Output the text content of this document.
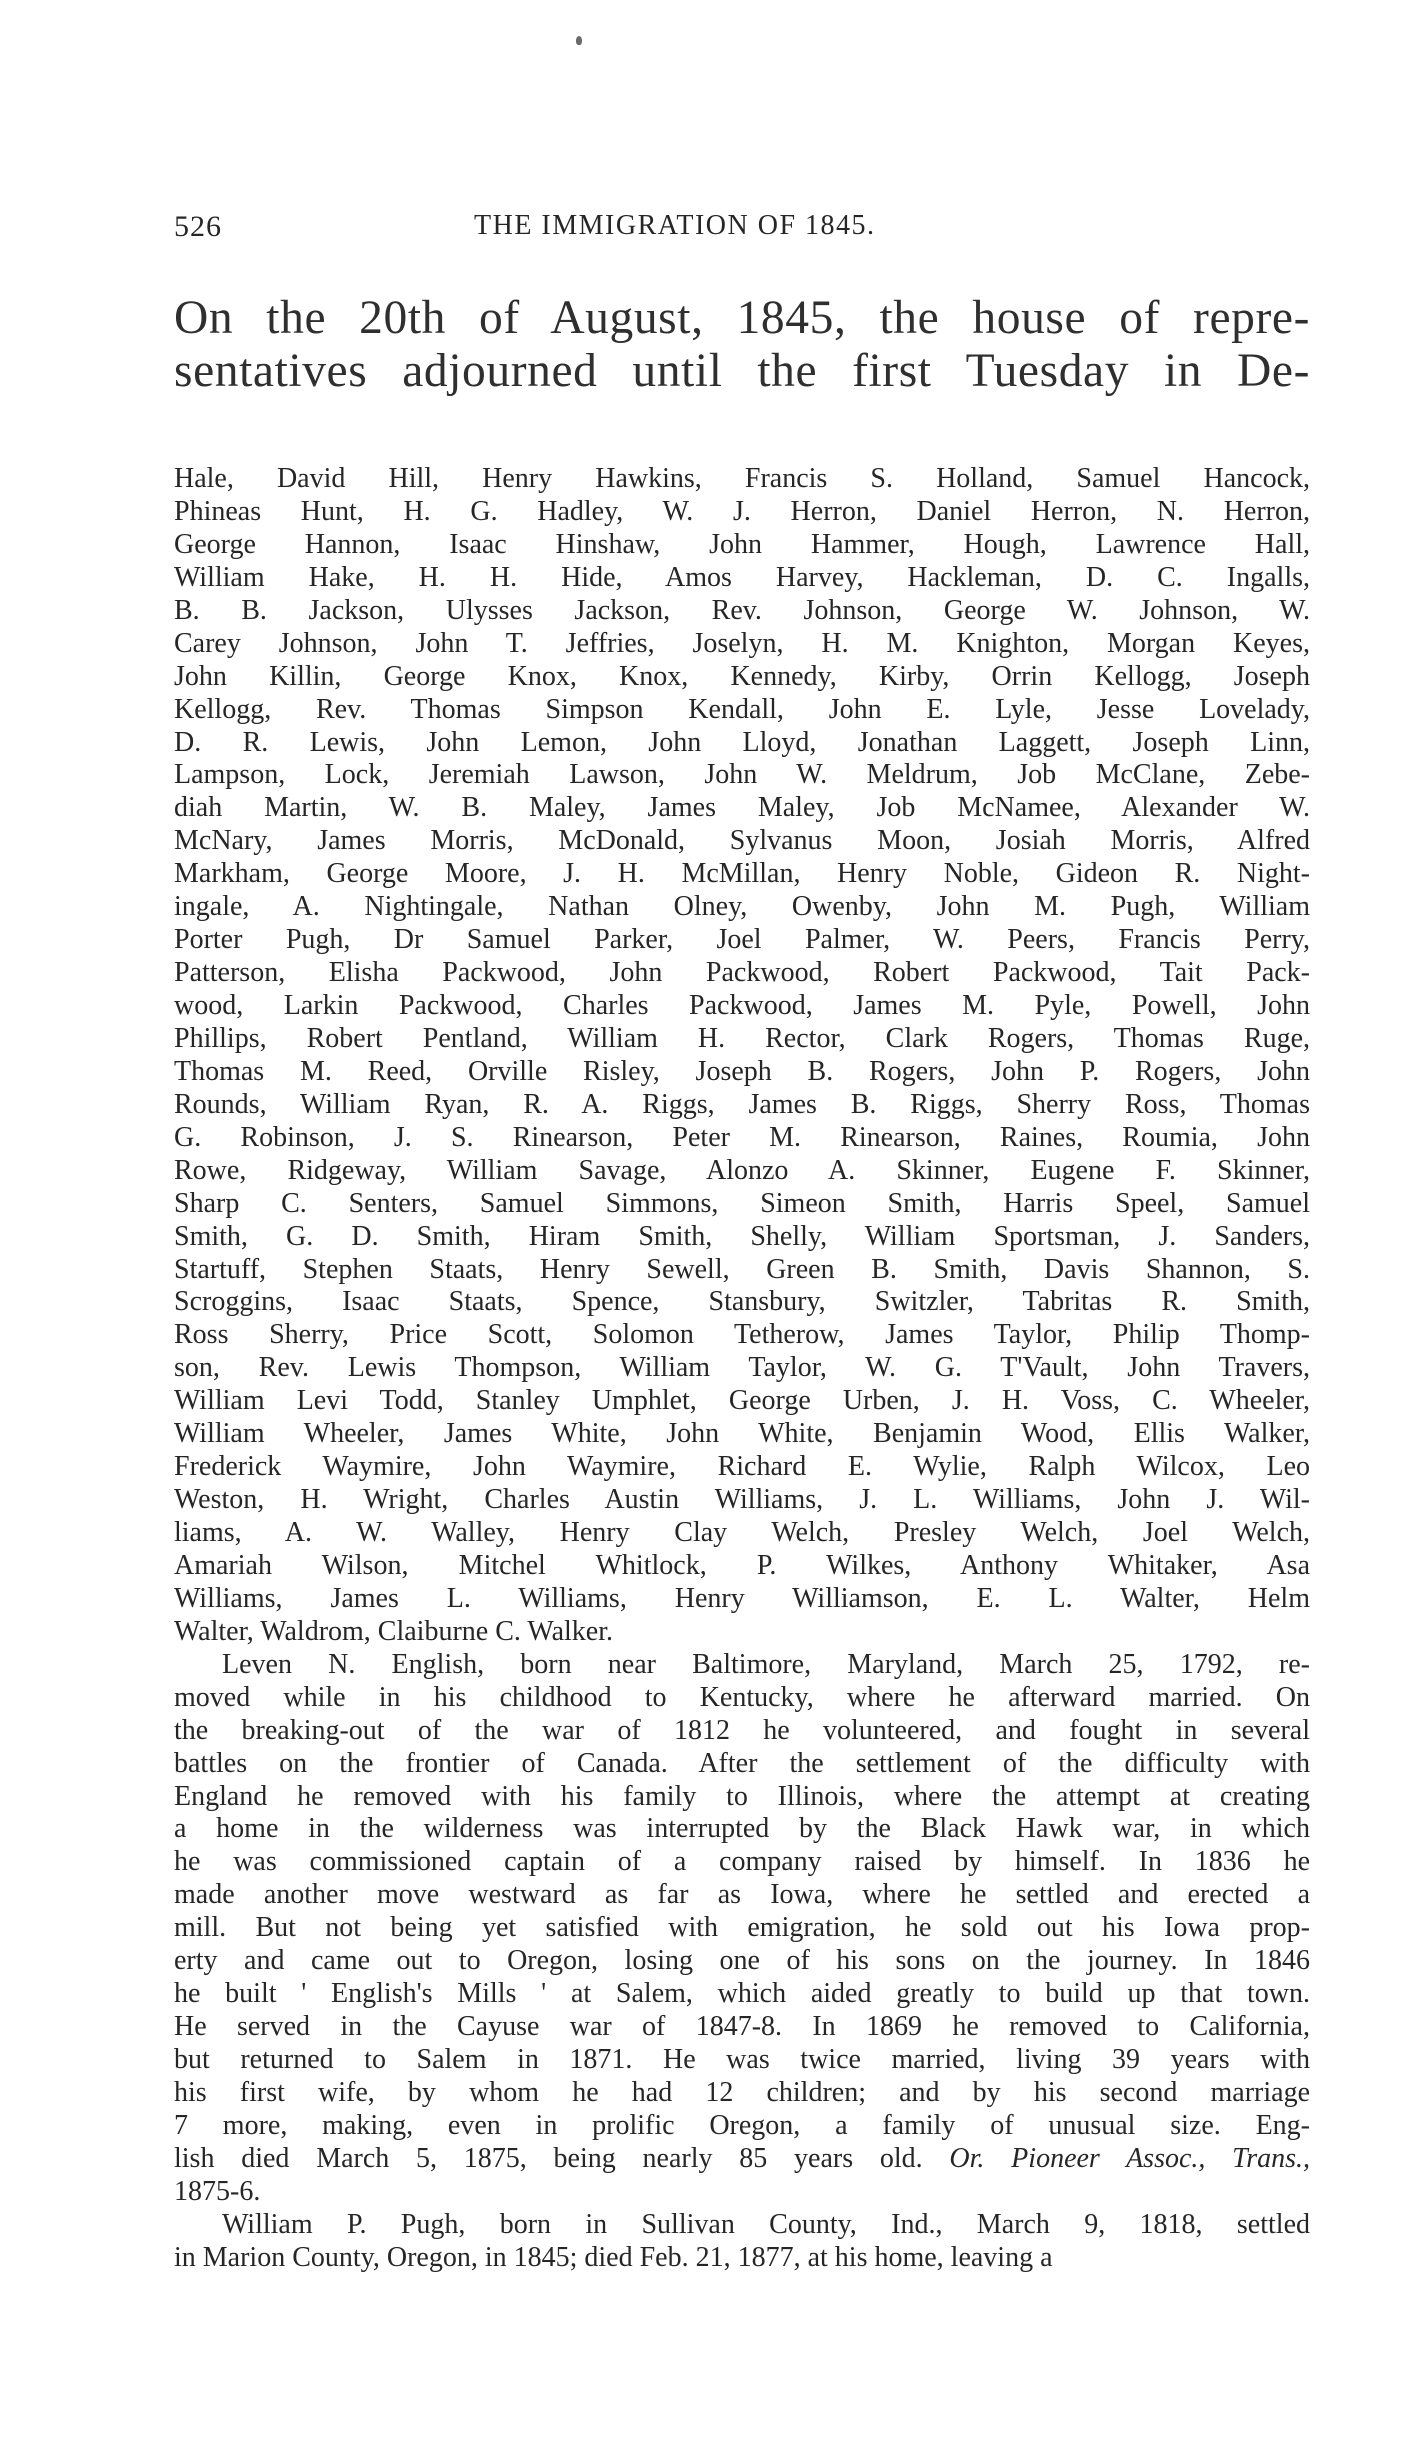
526	THE IMMIGRATION OF 1845.
On the 20th of August, 1845, the house of repre-
sentatives adjourned until the first Tuesday in De-
Hale, David Hill, Henry Hawkins, Francis S. Holland, Samuel Hancock,
Phineas Hunt, H. G. Hadley, W. J. Herron, Daniel Herron, N. Herron,
George Hannon, Isaac Hinshaw, John Hammer, Hough, Lawrence Hall,
William Hake, H. H. Hide, Amos Harvey, Hackleman, D. C. Ingalls,
B. B. Jackson, Ulysses Jackson, Rev. Johnson, George W. Johnson, W.
Carey Johnson, John T. Jeffries, Joselyn, H. M. Knighton, Morgan Keyes,
John Killin, George Knox, Knox, Kennedy, Kirby, Orrin Kellogg, Joseph
Kellogg, Rev. Thomas Simpson Kendall, John E. Lyle, Jesse Lovelady,
D. R. Lewis, John Lemon, John Lloyd, Jonathan Laggett, Joseph Linn,
Lampson, Lock, Jeremiah Lawson, John W. Meldrum, Job McClane, Zebe-
diah Martin, W. B. Maley, James Maley, Job McNamee, Alexander W.
McNary, James Morris, McDonald, Sylvanus Moon, Josiah Morris, Alfred
Markham, George Moore, J. H. McMillan, Henry Noble, Gideon R. Night-
ingale, A. Nightingale, Nathan Olney, Owenby, John M. Pugh, William
Porter Pugh, Dr Samuel Parker, Joel Palmer, W. Peers, Francis Perry,
Patterson, Elisha Packwood, John Packwood, Robert Packwood, Tait Pack-
wood, Larkin Packwood, Charles Packwood, James M. Pyle, Powell, John
Phillips, Robert Pentland, William H. Rector, Clark Rogers, Thomas Ruge,
Thomas M. Reed, Orville Risley, Joseph B. Rogers, John P. Rogers, John
Rounds, William Ryan, R. A. Riggs, James B. Riggs, Sherry Ross, Thomas
G. Robinson, J. S. Rinearson, Peter M. Rinearson, Raines, Roumia, John
Rowe, Ridgeway, William Savage, Alonzo A. Skinner, Eugene F. Skinner,
Sharp C. Senters, Samuel Simmons, Simeon Smith, Harris Speel, Samuel
Smith, G. D. Smith, Hiram Smith, Shelly, William Sportsman, J. Sanders,
Startuff, Stephen Staats, Henry Sewell, Green B. Smith, Davis Shannon, S.
Scroggins, Isaac Staats, Spence, Stansbury, Switzler, Tabritas R. Smith,
Ross Sherry, Price Scott, Solomon Tetherow, James Taylor, Philip Thomp-
son, Rev. Lewis Thompson, William Taylor, W. G. T'Vault, John Travers,
William Levi Todd, Stanley Umphlet, George Urben, J. H. Voss, C. Wheeler,
William Wheeler, James White, John White, Benjamin Wood, Ellis Walker,
Frederick Waymire, John Waymire, Richard E. Wylie, Ralph Wilcox, Leo
Weston, H. Wright, Charles Austin Williams, J. L. Williams, John J. Wil-
liams, A. W. Walley, Henry Clay Welch, Presley Welch, Joel Welch,
Amariah Wilson, Mitchel Whitlock, P. Wilkes, Anthony Whitaker, Asa
Williams, James L. Williams, Henry Williamson, E. L. Walter, Helm
Walter, Waldrom, Claiburne C. Walker.
Leven N. English, born near Baltimore, Maryland, March 25, 1792, re-
moved while in his childhood to Kentucky, where he afterward married. On
the breaking-out of the war of 1812 he volunteered, and fought in several
battles on the frontier of Canada. After the settlement of the difficulty with
England he removed with his family to Illinois, where the attempt at creating
a home in the wilderness was interrupted by the Black Hawk war, in which
he was commissioned captain of a company raised by himself. In 1836 he
made another move westward as far as Iowa, where he settled and erected a
mill. But not being yet satisfied with emigration, he sold out his Iowa prop-
erty and came out to Oregon, losing one of his sons on the journey. In 1846
he built ' English's Mills ' at Salem, which aided greatly to build up that town.
He served in the Cayuse war of 1847-8. In 1869 he removed to California,
but returned to Salem in 1871. He was twice married, living 39 years with
his first wife, by whom he had 12 children; and by his second marriage
7 more, making, even in prolific Oregon, a family of unusual size. Eng-
lish died March 5, 1875, being nearly 85 years old. Or. Pioneer Assoc., Trans.,
1875-6.
William P. Pugh, born in Sullivan County, Ind., March 9, 1818, settled
in Marion County, Oregon, in 1845; died Feb. 21, 1877, at his home, leaving a
